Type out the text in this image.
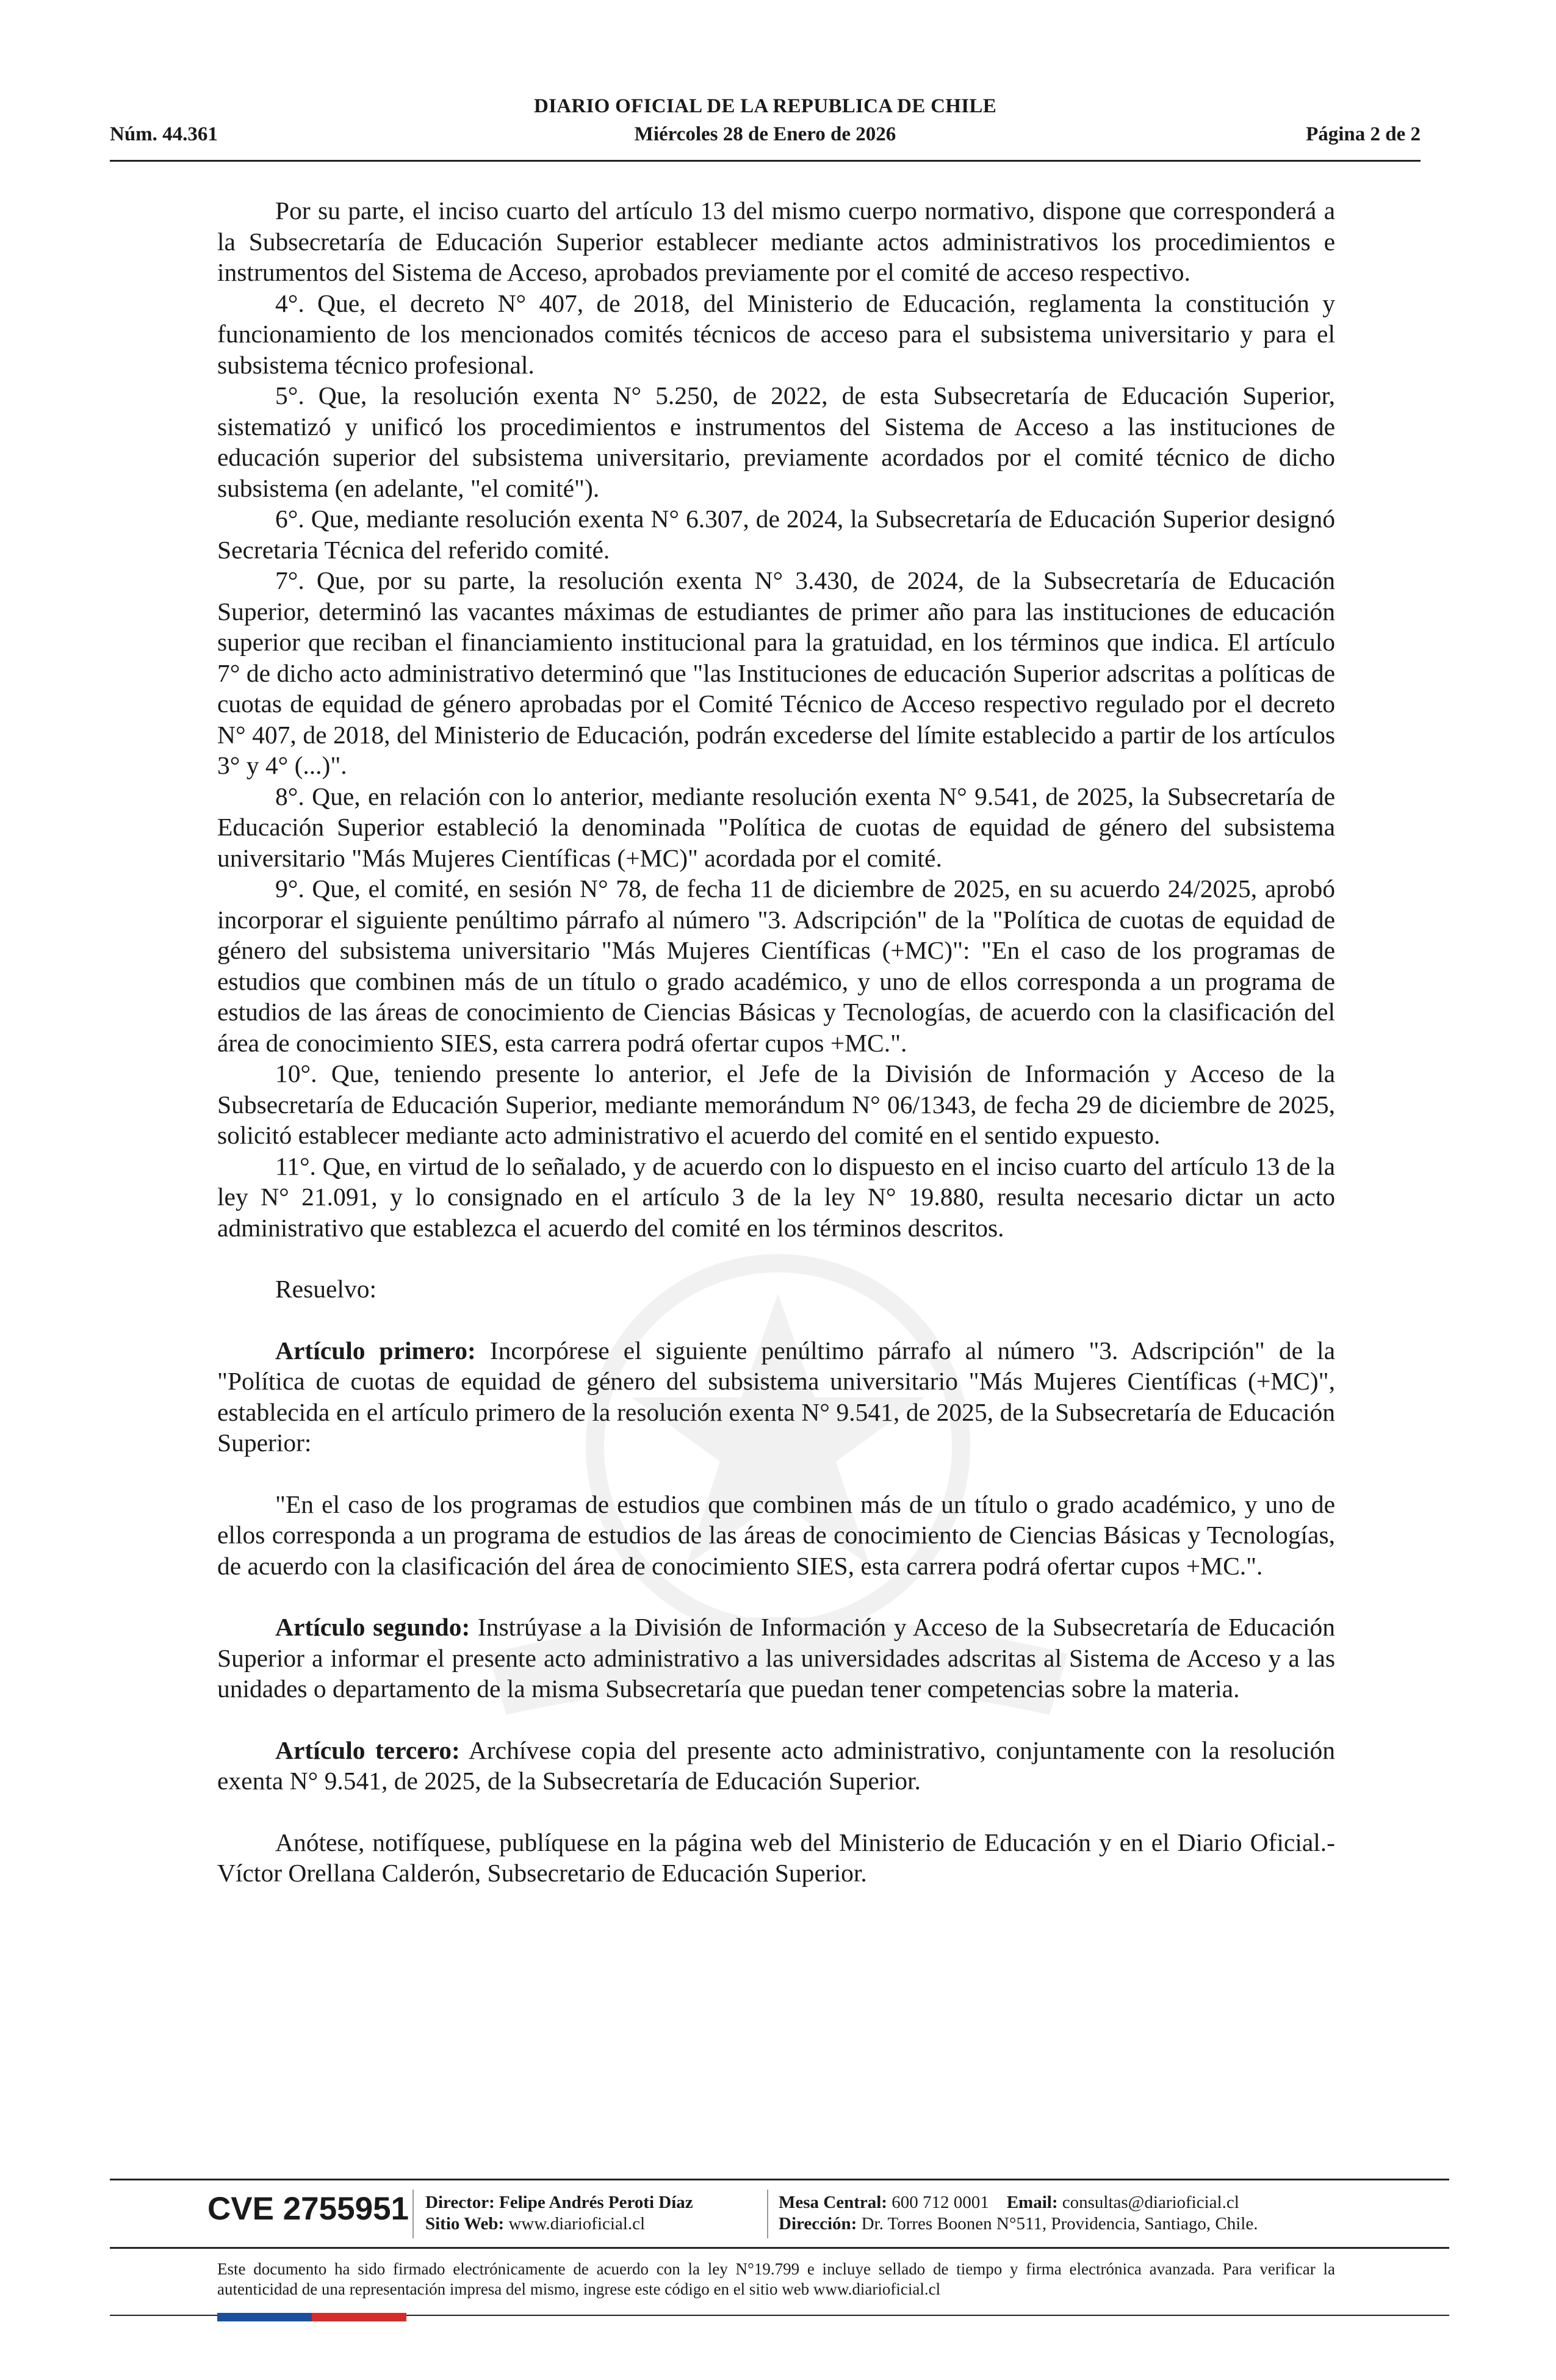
DIARIO OFICIAL DE LA REPUBLICA DE CHILE
Núm. 44.361	Miércoles 28 de Enero de 2026	Página 2 de 2

Por su parte, el inciso cuarto del artículo 13 del mismo cuerpo normativo, dispone que corresponderá a la Subsecretaría de Educación Superior establecer mediante actos administrativos los procedimientos e instrumentos del Sistema de Acceso, aprobados previamente por el comité de acceso respectivo.

4°. Que, el decreto N° 407, de 2018, del Ministerio de Educación, reglamenta la constitución y funcionamiento de los mencionados comités técnicos de acceso para el subsistema universitario y para el subsistema técnico profesional.

5°. Que, la resolución exenta N° 5.250, de 2022, de esta Subsecretaría de Educación Superior, sistematizó y unificó los procedimientos e instrumentos del Sistema de Acceso a las instituciones de educación superior del subsistema universitario, previamente acordados por el comité técnico de dicho subsistema (en adelante, "el comité").

6°. Que, mediante resolución exenta N° 6.307, de 2024, la Subsecretaría de Educación Superior designó Secretaria Técnica del referido comité.

7°. Que, por su parte, la resolución exenta N° 3.430, de 2024, de la Subsecretaría de Educación Superior, determinó las vacantes máximas de estudiantes de primer año para las instituciones de educación superior que reciban el financiamiento institucional para la gratuidad, en los términos que indica. El artículo 7° de dicho acto administrativo determinó que "las Instituciones de educación Superior adscritas a políticas de cuotas de equidad de género aprobadas por el Comité Técnico de Acceso respectivo regulado por el decreto N° 407, de 2018, del Ministerio de Educación, podrán excederse del límite establecido a partir de los artículos 3° y 4° (...)".

8°. Que, en relación con lo anterior, mediante resolución exenta N° 9.541, de 2025, la Subsecretaría de Educación Superior estableció la denominada "Política de cuotas de equidad de género del subsistema universitario "Más Mujeres Científicas (+MC)" acordada por el comité.

9°. Que, el comité, en sesión N° 78, de fecha 11 de diciembre de 2025, en su acuerdo 24/2025, aprobó incorporar el siguiente penúltimo párrafo al número "3. Adscripción" de la "Política de cuotas de equidad de género del subsistema universitario "Más Mujeres Científicas (+MC)": "En el caso de los programas de estudios que combinen más de un título o grado académico, y uno de ellos corresponda a un programa de estudios de las áreas de conocimiento de Ciencias Básicas y Tecnologías, de acuerdo con la clasificación del área de conocimiento SIES, esta carrera podrá ofertar cupos +MC.".

10°. Que, teniendo presente lo anterior, el Jefe de la División de Información y Acceso de la Subsecretaría de Educación Superior, mediante memorándum N° 06/1343, de fecha 29 de diciembre de 2025, solicitó establecer mediante acto administrativo el acuerdo del comité en el sentido expuesto.

11°. Que, en virtud de lo señalado, y de acuerdo con lo dispuesto en el inciso cuarto del artículo 13 de la ley N° 21.091, y lo consignado en el artículo 3 de la ley N° 19.880, resulta necesario dictar un acto administrativo que establezca el acuerdo del comité en los términos descritos.

Resuelvo:

Artículo primero: Incorpórese el siguiente penúltimo párrafo al número "3. Adscripción" de la "Política de cuotas de equidad de género del subsistema universitario "Más Mujeres Científicas (+MC)", establecida en el artículo primero de la resolución exenta N° 9.541, de 2025, de la Subsecretaría de Educación Superior:

"En el caso de los programas de estudios que combinen más de un título o grado académico, y uno de ellos corresponda a un programa de estudios de las áreas de conocimiento de Ciencias Básicas y Tecnologías, de acuerdo con la clasificación del área de conocimiento SIES, esta carrera podrá ofertar cupos +MC.".

Artículo segundo: Instrúyase a la División de Información y Acceso de la Subsecretaría de Educación Superior a informar el presente acto administrativo a las universidades adscritas al Sistema de Acceso y a las unidades o departamento de la misma Subsecretaría que puedan tener competencias sobre la materia.

Artículo tercero: Archívese copia del presente acto administrativo, conjuntamente con la resolución exenta N° 9.541, de 2025, de la Subsecretaría de Educación Superior.

Anótese, notifíquese, publíquese en la página web del Ministerio de Educación y en el Diario Oficial.- Víctor Orellana Calderón, Subsecretario de Educación Superior.

CVE 2755951 Director: Felipe Andrés Peroti Díaz
Sitio Web: www.diarioficial.cl
Mesa Central: 600 712 0001 Email: consultas@diarioficial.cl
Dirección: Dr. Torres Boonen N°511, Providencia, Santiago, Chile.
Este documento ha sido firmado electrónicamente de acuerdo con la ley N°19.799 e incluye sellado de tiempo y firma electrónica avanzada. Para verificar la autenticidad de una representación impresa del mismo, ingrese este código en el sitio web www.diarioficial.cl
